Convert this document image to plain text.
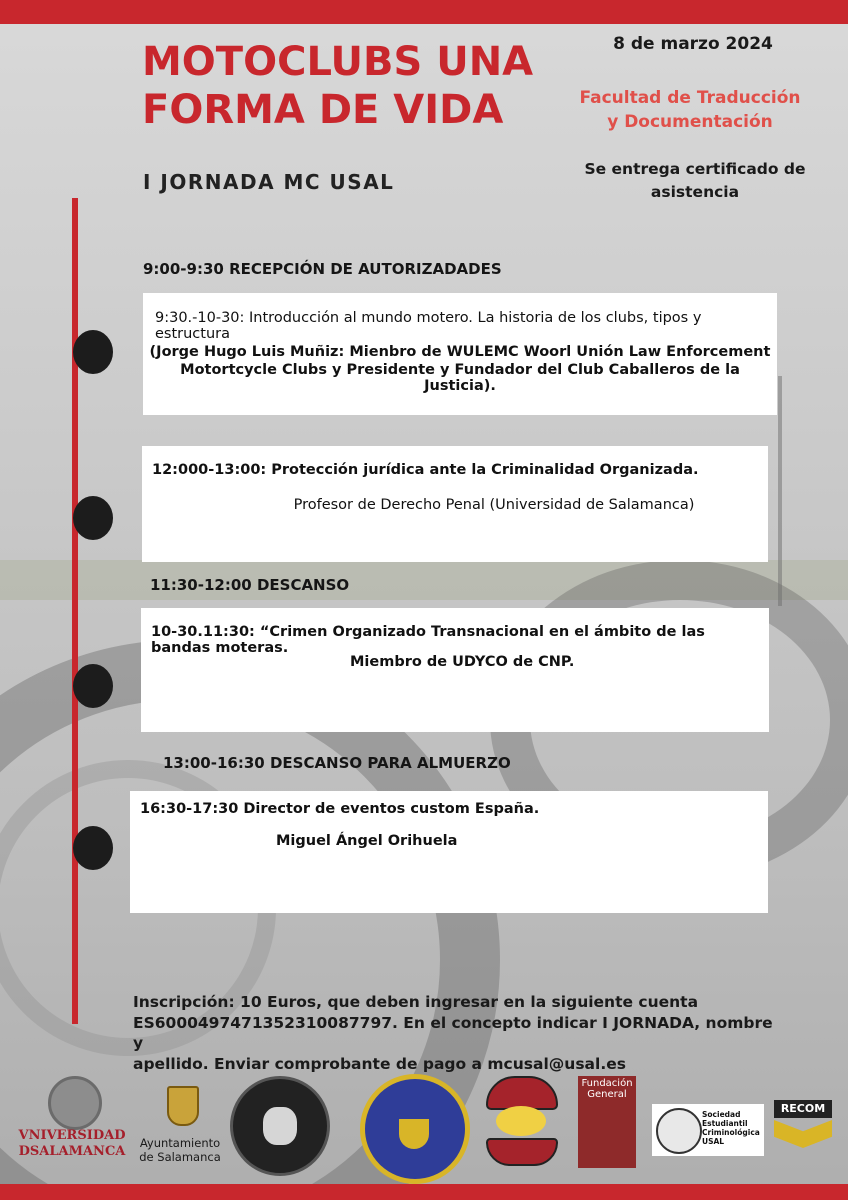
MOTOCLUBS UNA
FORMA DE VIDA
8 de marzo 2024
Facultad de Traducción
y Documentación
Se entrega certificado de
asistencia
I JORNADA MC USAL
9:00-9:30 RECEPCIÓN DE AUTORIZADADES

9:30.-10-30: Introducción al mundo motero. La historia de los clubs, tipos y estructura

(Jorge Hugo Luis Muñiz: Mienbro de WULEMC Woorl Unión Law Enforcement

Motortcycle Clubs y Presidente y Fundador del Club Caballeros de la Justicia).

12:000-13:00: Protección jurídica ante la Criminalidad Organizada.

Profesor de Derecho Penal (Universidad de Salamanca)

11:30-12:00 DESCANSO

10-30.11:30: “Crimen Organizado Transnacional en el ámbito de las bandas moteras.

Miembro de UDYCO de CNP.

13:00-16:30 DESCANSO PARA ALMUERZO

16:30-17:30 Director de eventos custom España.

Miguel Ángel Orihuela

Inscripción: 10 Euros, que deben ingresar en la siguiente cuenta
ES6000497471352310087797. En el concepto indicar I JORNADA, nombre y
apellido. Enviar comprobante de pago a mcusal@usal.es
VNIVERSIDAD
DSALAMANCA
Ayuntamiento
de Salamanca
Fundación
General
Sociedad Estudiantil Criminológica USAL
RECOM
